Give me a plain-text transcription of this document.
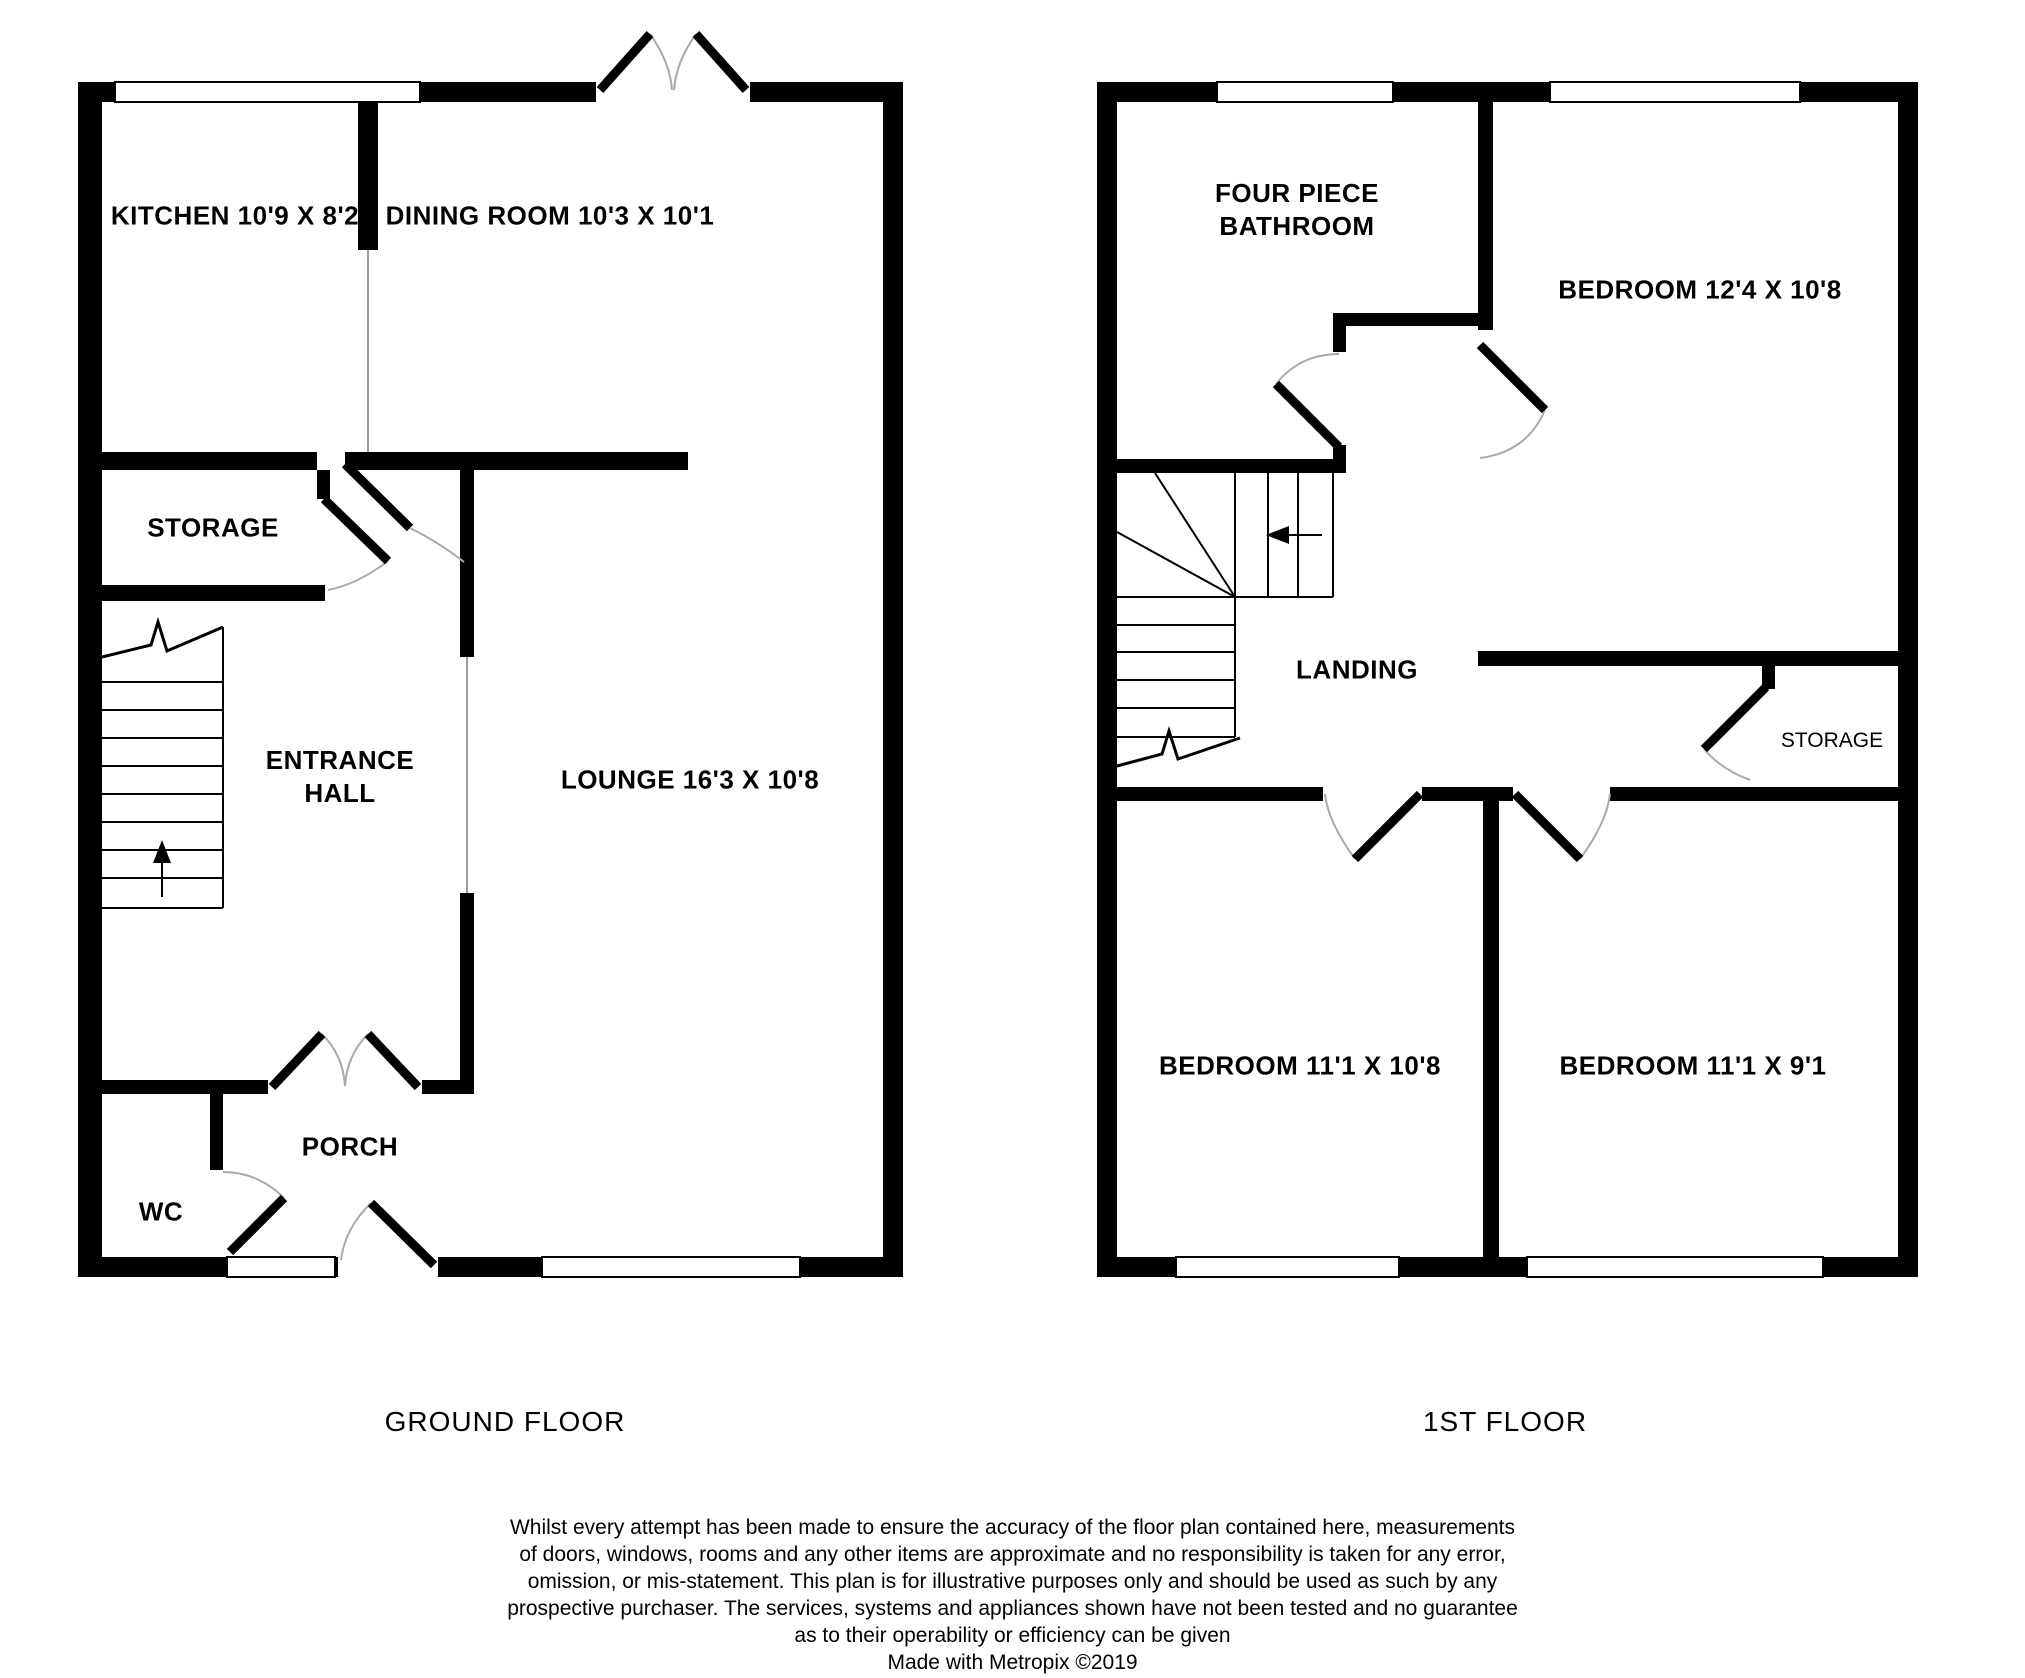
KITCHEN 10'9 X 8'2 DINING ROOM 10'3 X 10'1
STORAGE
ENTRANCE
HALL	LOUNGE 16'3 X 10'8
PORCH
WC
FOUR PIECE
BATHROOM
BEDROOM 12'4 X 10'8
LANDING
STORAGE
BEDROOM 11'1 X 10'8	BEDROOM 11'1 X 9'1
GROUND FLOOR	1ST FLOOR
Whilst every attempt has been made to ensure the accuracy of the floor plan contained here, measurements
of doors, windows, rooms and any other items are approximate and no responsibility is taken for any error,
omission, or mis-statement. This plan is for illustrative purposes only and should be used as such by any
prospective purchaser. The services, systems and appliances shown have not been tested and no guarantee
as to their operability or efficiency can be given
Made with Metropix ©2019
